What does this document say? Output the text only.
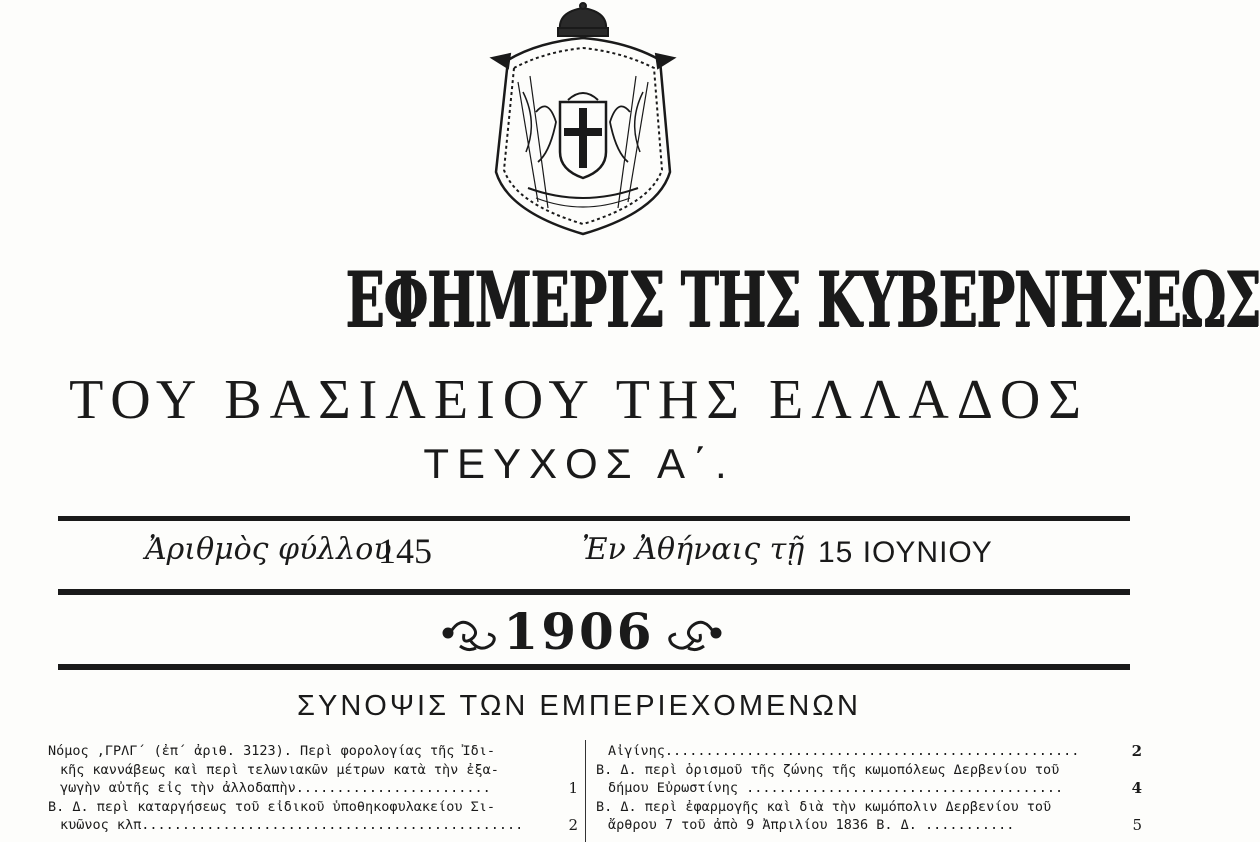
ΕΦΗΜΕΡΙΣ ΤΗΣ ΚΥΒΕΡΝΗΣΕΩΣ
ΤΟΥ ΒΑΣΙΛΕΙΟΥ ΤΗΣ ΕΛΛΑΔΟΣ
ΤΕΥΧΟΣ Α΄.
Ἀριθμὸς φύλλου
145	Ἐν Ἀθήναις τῇ 15 ΙΟΥΝΙΟΥ
1906
ΣΥΝΟΨΙΣ ΤΩΝ ΕΜΠΕΡΙΕΧΟΜΕΝΩΝ
Νόμος ,ΓΡΛΓ΄ (ἐπ΄ ἀριθ. 3123). Περὶ φορολογίας τῆς Ἰδι-
κῆς καννάβεως καὶ περὶ τελωνιακῶν μέτρων κατὰ τὴν ἐξα-
γωγὴν αὐτῆς εἰς τὴν ἀλλοδαπὴν........................	1
Β. Δ. περὶ καταργήσεως τοῦ εἰδικοῦ ὑποθηκοφυλακείου Σι-
κυῶνος κλπ...............................................	2
Αἰγίνης...................................................	2
Β. Δ. περὶ ὁρισμοῦ τῆς ζώνης τῆς κωμοπόλεως Δερβενίου τοῦ
δήμου Εὐρωστίνης .......................................	4
Β. Δ. περὶ ἐφαρμογῆς καὶ διὰ τὴν κωμόπολιν Δερβενίου τοῦ
ἄρθρου 7 τοῦ ἀπὸ 9 Ἀπριλίου 1836 Β. Δ. ...........	5
